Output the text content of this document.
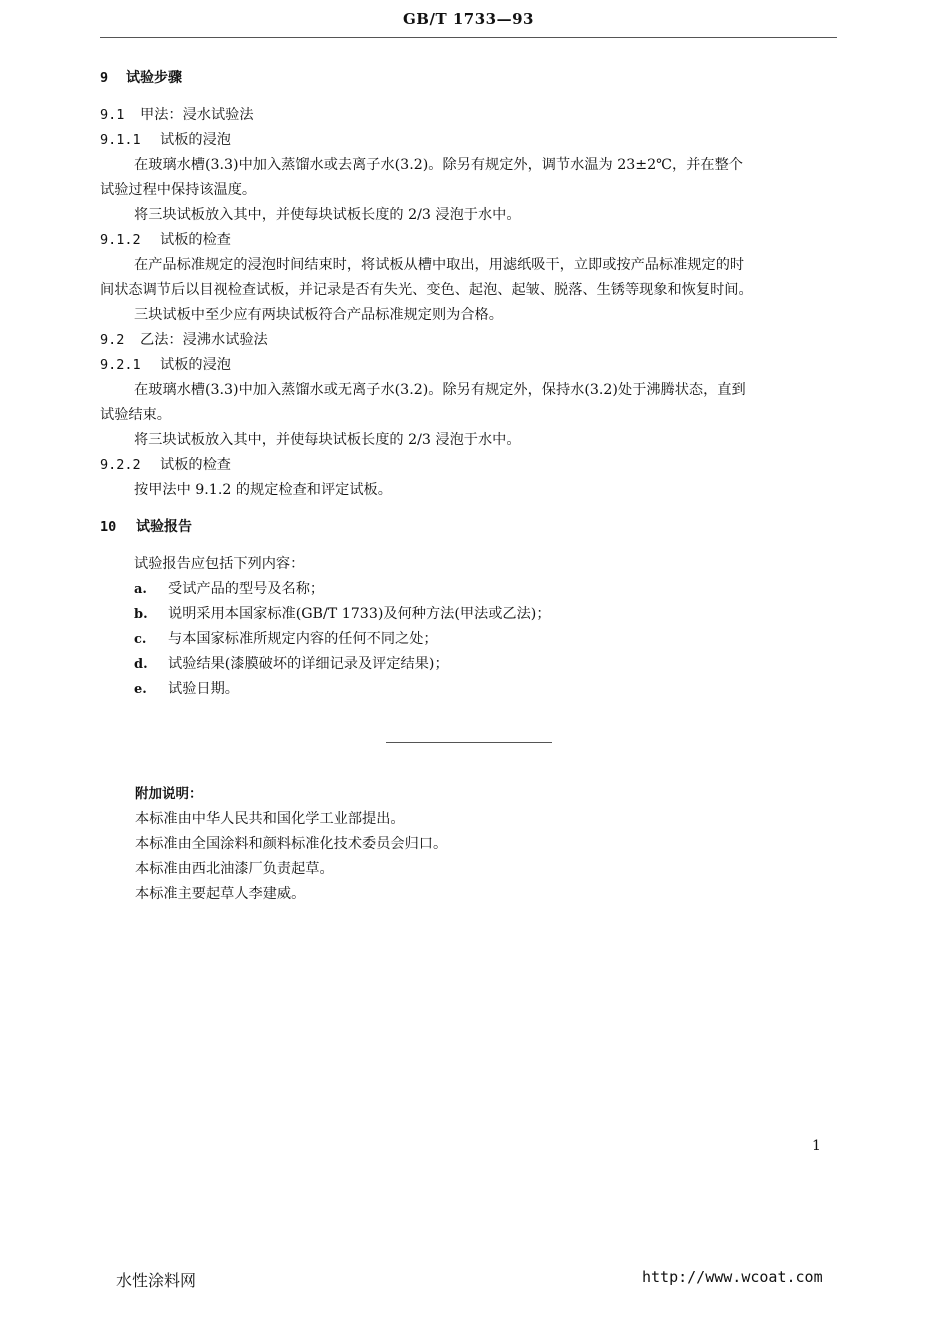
GB/T 1733—93
9 试验步骤
9.1 甲法：浸水试验法
9.1.1 试板的浸泡
在玻璃水槽(3.3)中加入蒸馏水或去离子水(3.2)。除另有规定外，调节水温为 23±2℃，并在整个
试验过程中保持该温度。
将三块试板放入其中，并使每块试板长度的 2/3 浸泡于水中。
9.1.2 试板的检查
在产品标准规定的浸泡时间结束时，将试板从槽中取出，用滤纸吸干，立即或按产品标准规定的时
间状态调节后以目视检查试板，并记录是否有失光、变色、起泡、起皱、脱落、生锈等现象和恢复时间。
三块试板中至少应有两块试板符合产品标准规定则为合格。
9.2 乙法：浸沸水试验法
9.2.1 试板的浸泡
在玻璃水槽(3.3)中加入蒸馏水或无离子水(3.2)。除另有规定外，保持水(3.2)处于沸腾状态，直到
试验结束。
将三块试板放入其中，并使每块试板长度的 2/3 浸泡于水中。
9.2.2 试板的检查
按甲法中 9.1.2 的规定检查和评定试板。
10 试验报告
试验报告应包括下列内容：
a. 受试产品的型号及名称；
b. 说明采用本国家标准(GB/T 1733)及何种方法(甲法或乙法)；
c. 与本国家标准所规定内容的任何不同之处；
d. 试验结果(漆膜破坏的详细记录及评定结果)；
e. 试验日期。
附加说明：
本标准由中华人民共和国化学工业部提出。
本标准由全国涂料和颜料标准化技术委员会归口。
本标准由西北油漆厂负责起草。
本标准主要起草人李建威。
1
水性涂料网	http://www.wcoat.com
